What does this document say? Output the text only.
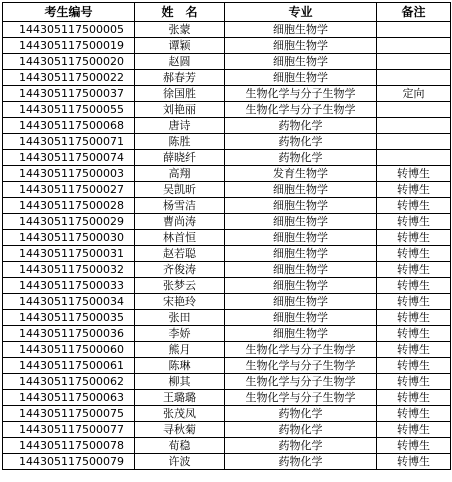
考生编号	姓　名	专业	备注
144305117500005	张蒙	细胞生物学	
144305117500019	谭颖	细胞生物学	
144305117500020	赵圆	细胞生物学	
144305117500022	郝春芳	细胞生物学	
144305117500037	徐国胜	生物化学与分子生物学	定向
144305117500055	刘艳丽	生物化学与分子生物学	
144305117500068	唐诗	药物化学	
144305117500071	陈胜	药物化学	
144305117500074	薛晓纤	药物化学	
144305117500003	高翔	发育生物学	转博生
144305117500027	吴凯昕	细胞生物学	转博生
144305117500028	杨雪洁	细胞生物学	转博生
144305117500029	曹尚涛	细胞生物学	转博生
144305117500030	林首恒	细胞生物学	转博生
144305117500031	赵若聪	细胞生物学	转博生
144305117500032	齐俊涛	细胞生物学	转博生
144305117500033	张梦云	细胞生物学	转博生
144305117500034	宋艳玲	细胞生物学	转博生
144305117500035	张田	细胞生物学	转博生
144305117500036	李娇	细胞生物学	转博生
144305117500060	熊月	生物化学与分子生物学	转博生
144305117500061	陈琳	生物化学与分子生物学	转博生
144305117500062	柳其	生物化学与分子生物学	转博生
144305117500063	王璐璐	生物化学与分子生物学	转博生
144305117500075	张茂凤	药物化学	转博生
144305117500077	寻秋菊	药物化学	转博生
144305117500078	荀稳	药物化学	转博生
144305117500079	许波	药物化学	转博生
